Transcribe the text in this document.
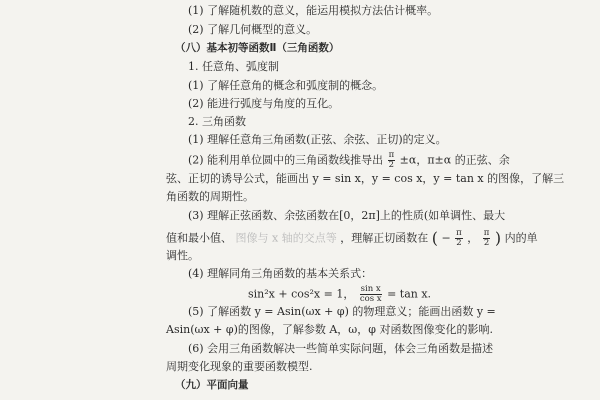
(1) 了解随机数的意义，能运用模拟方法估计概率。
(2) 了解几何概型的意义。
（八）基本初等函数Ⅱ（三角函数）
1. 任意角、弧度制
(1) 了解任意角的概念和弧度制的概念。
(2) 能进行弧度与角度的互化。
2. 三角函数
(1) 理解任意角三角函数(正弦、余弦、正切)的定义。
(2) 能利用单位圆中的三角函数线推导出 $\frac{\pi}{2} \pm\alpha$，π±α 的正弦、余
弦、正切的诱导公式，能画出 y = sin x，y = cos x，y = tan x 的图像，了解三
角函数的周期性。
(3) 理解正弦函数、余弦函数在[0，2π]上的性质(如单调性、最大
值和最小值、 图像与 x 轴的交点等 ，理解正切函数在 ( − $\frac{\pi}{2}$ ， $\frac{\pi}{2}$ ) 内的单
调性。
(4) 理解同角三角函数的基本关系式：
sin²x + cos²x = 1， $\frac{\text{sin x}}{\text{cos x}} = \tan x$.
(5) 了解函数 y = Asin(ωx + φ) 的物理意义；能画出函数 y =
Asin(ωx + φ)的图像，了解参数 A，ω，φ 对函数图像变化的影响.
(6) 会用三角函数解决一些简单实际问题，体会三角函数是描述
周期变化现象的重要函数模型.
（九）平面向量
